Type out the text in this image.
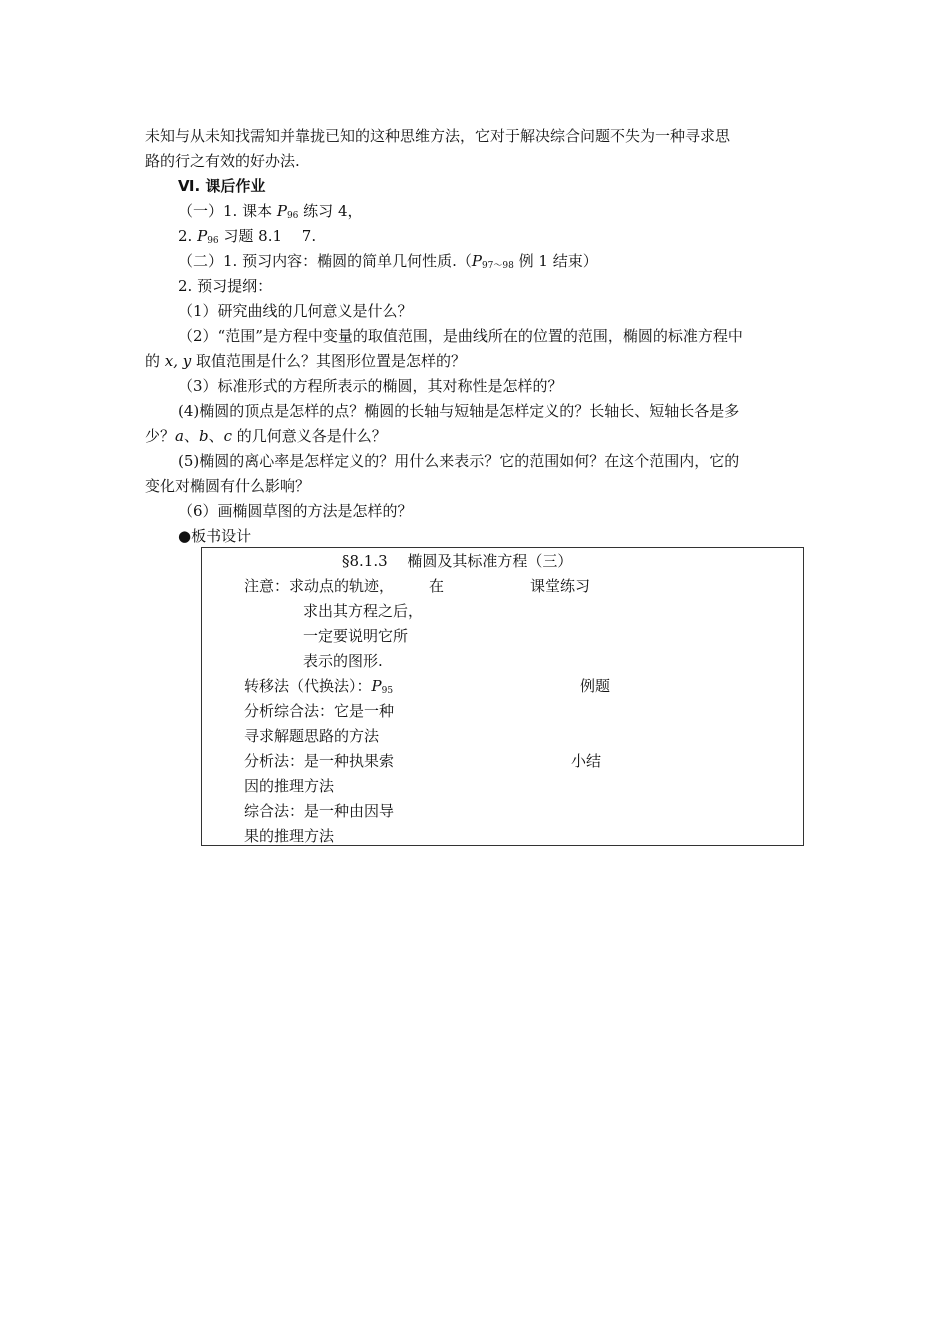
未知与从未知找需知并靠拢已知的这种思维方法，它对于解决综合问题不失为一种寻求思
路的行之有效的好办法.
Ⅵ. 课后作业
（一）1. 课本 $P_{96}$ 练习 4，
2. $P_{96}$ 习题 8.1　 7.
（二）1. 预习内容：椭圆的简单几何性质$.(P_{97\sim 98}$ 例 1 结束）
2. 预习提纲：
（1）研究曲线的几何意义是什么？
（2）“范围”是方程中变量的取值范围，是曲线所在的位置的范围，椭圆的标准方程中
的 x, y 取值范围是什么？其图形位置是怎样的？
（3）标准形式的方程所表示的椭圆，其对称性是怎样的？
(4)椭圆的顶点是怎样的点？椭圆的长轴与短轴是怎样定义的？长轴长、短轴长各是多
少？a、b、c 的几何意义各是什么？
(5)椭圆的离心率是怎样定义的？用什么来表示？它的范围如何？在这个范围内，它的
变化对椭圆有什么影响？
（6）画椭圆草图的方法是怎样的？
●板书设计
§8.1.3　 椭圆及其标准方程（三）
注意：求动点的轨迹， 在	课堂练习
求出其方程之后，
一定要说明它所
表示的图形.
转移法（代换法）：$P_{95}$	例题
分析综合法：它是一种
寻求解题思路的方法
分析法：是一种执果索	小结
因的推理方法
综合法：是一种由因导
果的推理方法
